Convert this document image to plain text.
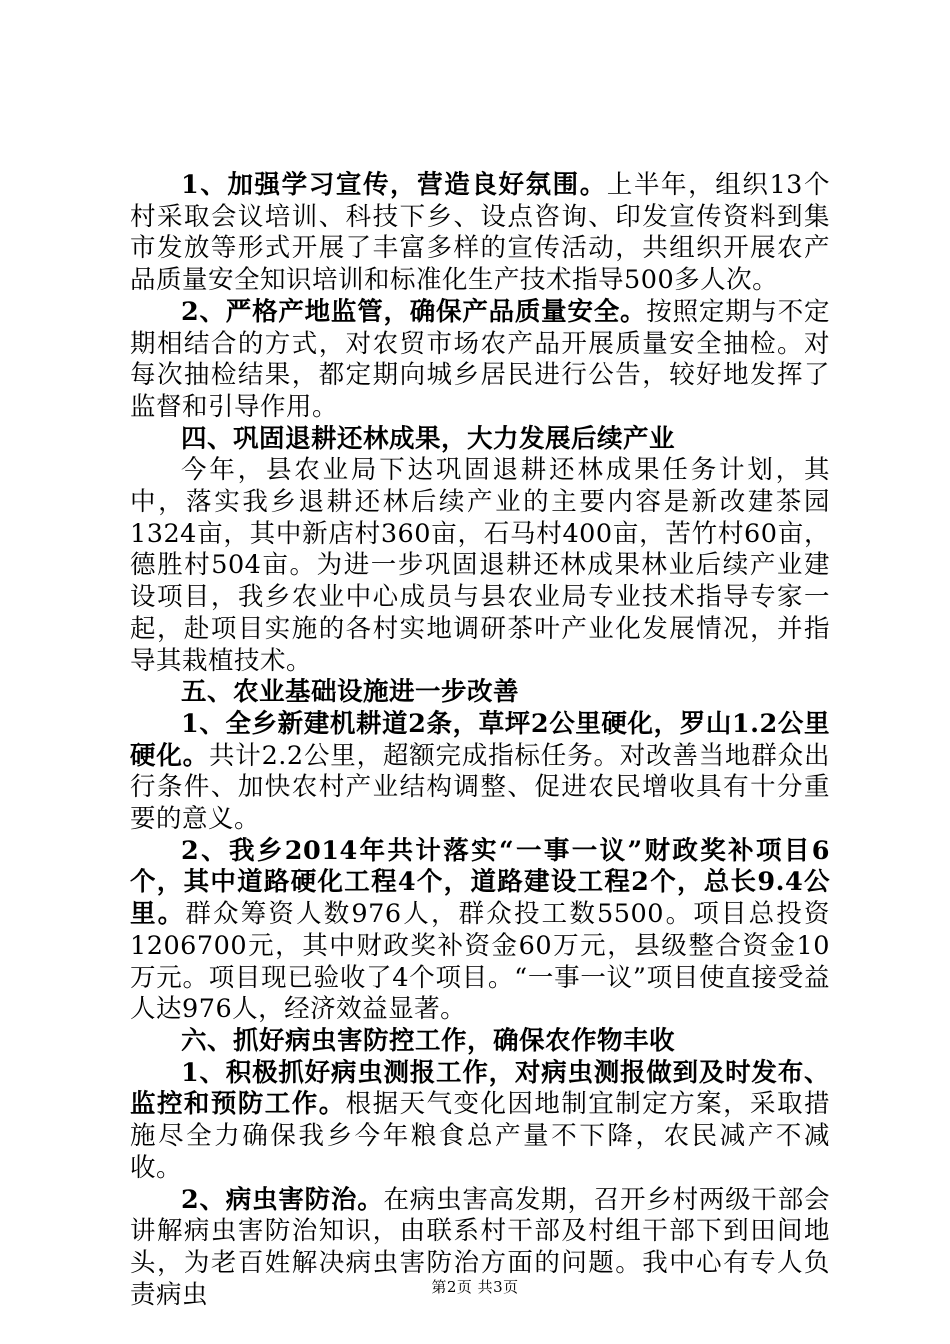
1、加强学习宣传，营造良好氛围。上半年，组织13个村采取会议培训、科技下乡、设点咨询、印发宣传资料到集市发放等形式开展了丰富多样的宣传活动，共组织开展农产品质量安全知识培训和标准化生产技术指导500多人次。

2、严格产地监管，确保产品质量安全。按照定期与不定期相结合的方式，对农贸市场农产品开展质量安全抽检。对每次抽检结果，都定期向城乡居民进行公告，较好地发挥了监督和引导作用。

四、巩固退耕还林成果，大力发展后续产业

今年，县农业局下达巩固退耕还林成果任务计划，其中，落实我乡退耕还林后续产业的主要内容是新改建茶园1324亩，其中新店村360亩，石马村400亩，苦竹村60亩，德胜村504亩。为进一步巩固退耕还林成果林业后续产业建设项目，我乡农业中心成员与县农业局专业技术指导专家一起，赴项目实施的各村实地调研茶叶产业化发展情况，并指导其栽植技术。

五、农业基础设施进一步改善

1、全乡新建机耕道2条，草坪2公里硬化，罗山1.2公里硬化。共计2.2公里，超额完成指标任务。对改善当地群众出行条件、加快农村产业结构调整、促进农民增收具有十分重要的意义。

2、我乡2014年共计落实“一事一议”财政奖补项目6个，其中道路硬化工程4个，道路建设工程2个，总长9.4公里。群众筹资人数976人，群众投工数5500。项目总投资1206700元，其中财政奖补资金60万元，县级整合资金10万元。项目现已验收了4个项目。“一事一议”项目使直接受益人达976人，经济效益显著。

六、抓好病虫害防控工作，确保农作物丰收

1、积极抓好病虫测报工作，对病虫测报做到及时发布、监控和预防工作。根据天气变化因地制宜制定方案，采取措施尽全力确保我乡今年粮食总产量不下降，农民减产不减收。

2、病虫害防治。在病虫害高发期，召开乡村两级干部会讲解病虫害防治知识，由联系村干部及村组干部下到田间地头，为老百姓解决病虫害防治方面的问题。我中心有专人负责病虫	第2页 共3页
